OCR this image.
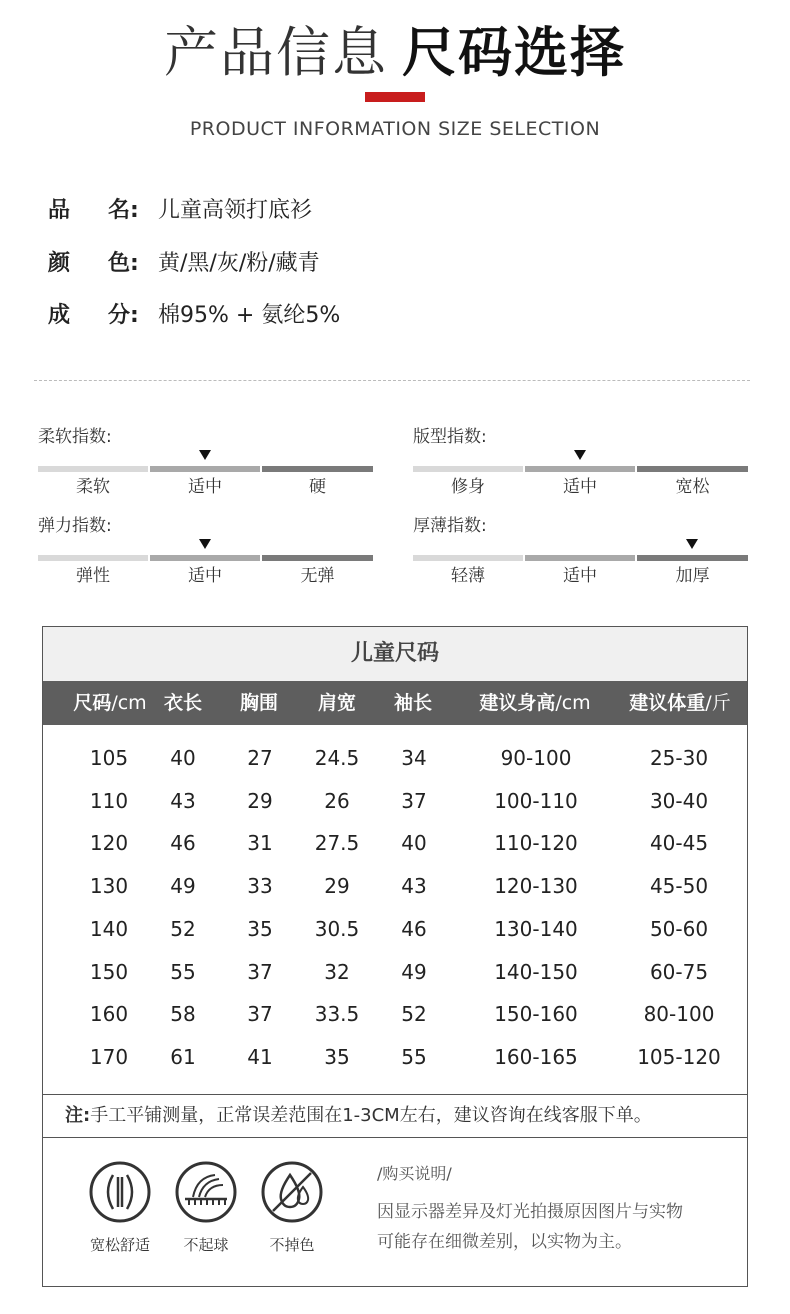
产品信息 尺码选择
PRODUCT INFORMATION SIZE SELECTION
品 名: 儿童高领打底衫
颜 色: 黄/黑/灰/粉/藏青
成 分: 棉95% + 氨纶5%
柔软指数:
柔软	适中	硬
版型指数:
修身	适中	宽松
弹力指数:
弹性	适中	无弹
厚薄指数:
轻薄	适中	加厚
儿童尺码
尺码/cm 衣长	胸围	肩宽	袖长	建议身高/cm	建议体重/斤
105	40	27	24.5	34	90-100	25-30
110	43	29	26	37	100-110	30-40
120	46	31	27.5	40	110-120	40-45
130	49	33	29	43	120-130	45-50
140	52	35	30.5	46	130-140	50-60
150	55	37	32	49	140-150	60-75
160	58	37	33.5	52	150-160	80-100
170	61	41	35	55	160-165	105-120
注:手工平铺测量，正常误差范围在1-3CM左右，建议咨询在线客服下单。
宽松舒适	不起球	不掉色
/购买说明/
因显示器差异及灯光拍摄原因图片与实物
可能存在细微差别，以实物为主。
